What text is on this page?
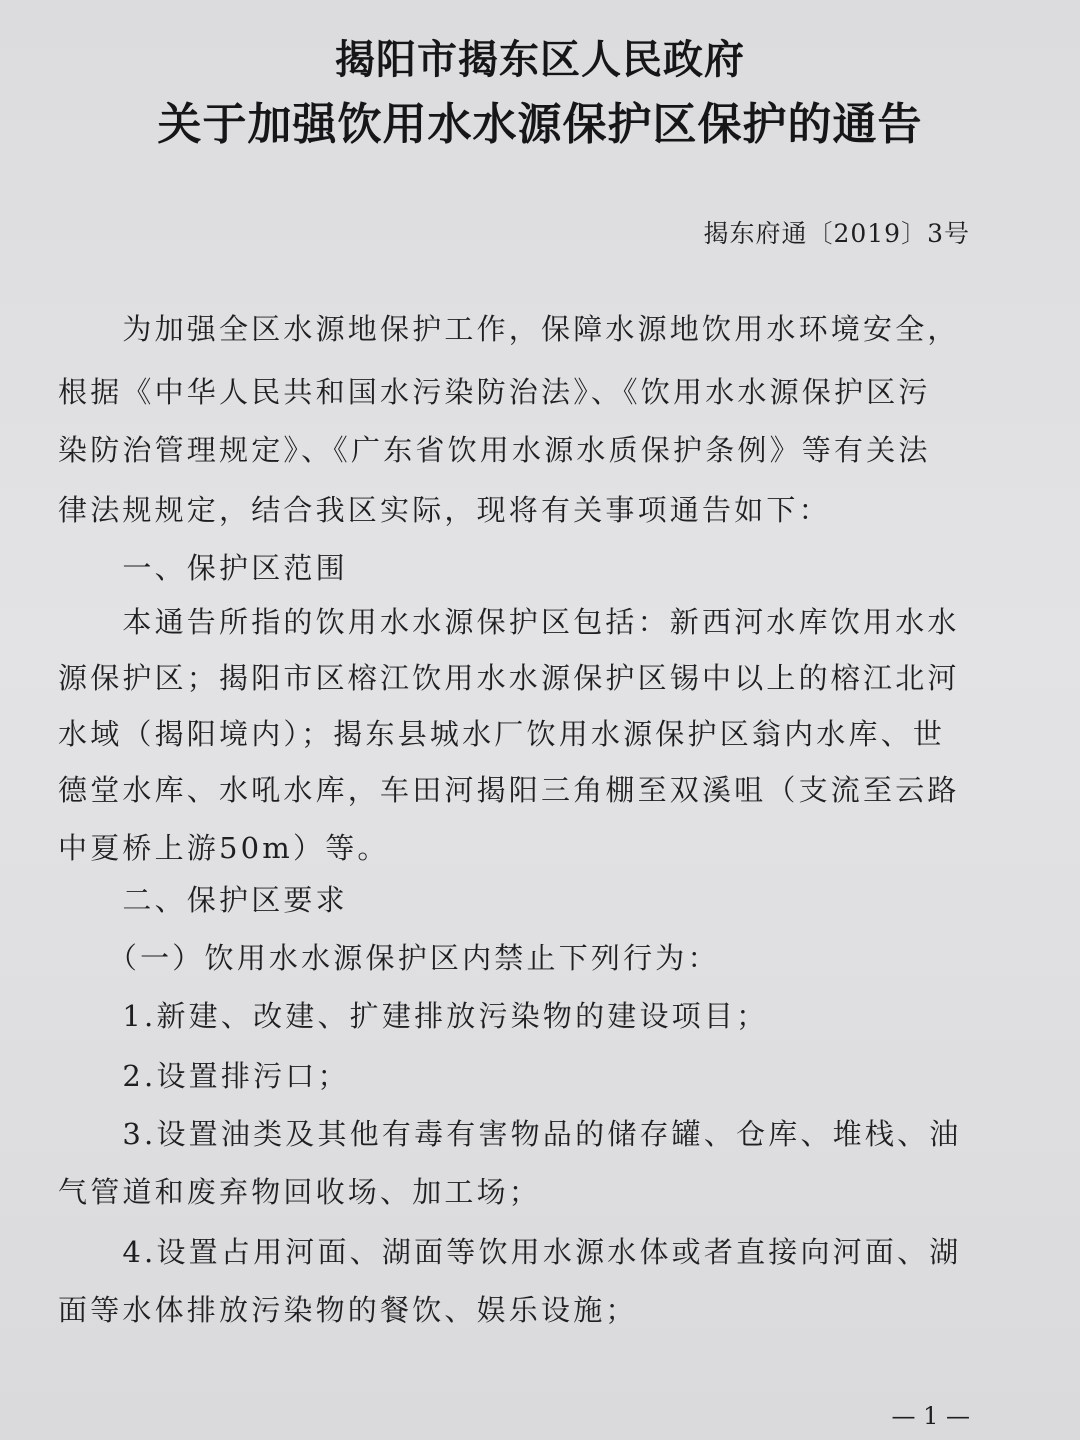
揭阳市揭东区人民政府
关于加强饮用水水源保护区保护的通告
揭东府通〔2019〕3号
　　为加强全区水源地保护工作，保障水源地饮用水环境安全，
根据《中华人民共和国水污染防治法》、《饮用水水源保护区污
染防治管理规定》、《广东省饮用水源水质保护条例》等有关法
律法规规定，结合我区实际，现将有关事项通告如下：
　　一、保护区范围
　　本通告所指的饮用水水源保护区包括：新西河水库饮用水水
源保护区；揭阳市区榕江饮用水水源保护区锡中以上的榕江北河
水域（揭阳境内）；揭东县城水厂饮用水源保护区翁内水库、世
德堂水库、水吼水库，车田河揭阳三角棚至双溪咀（支流至云路
中夏桥上游50m）等。
　　二、保护区要求
　　（一）饮用水水源保护区内禁止下列行为：
　　1.新建、改建、扩建排放污染物的建设项目；
　　2.设置排污口；
　　3.设置油类及其他有毒有害物品的储存罐、仓库、堆栈、油
气管道和废弃物回收场、加工场；
　　4.设置占用河面、湖面等饮用水源水体或者直接向河面、湖
面等水体排放污染物的餐饮、娱乐设施；
— 1 —
